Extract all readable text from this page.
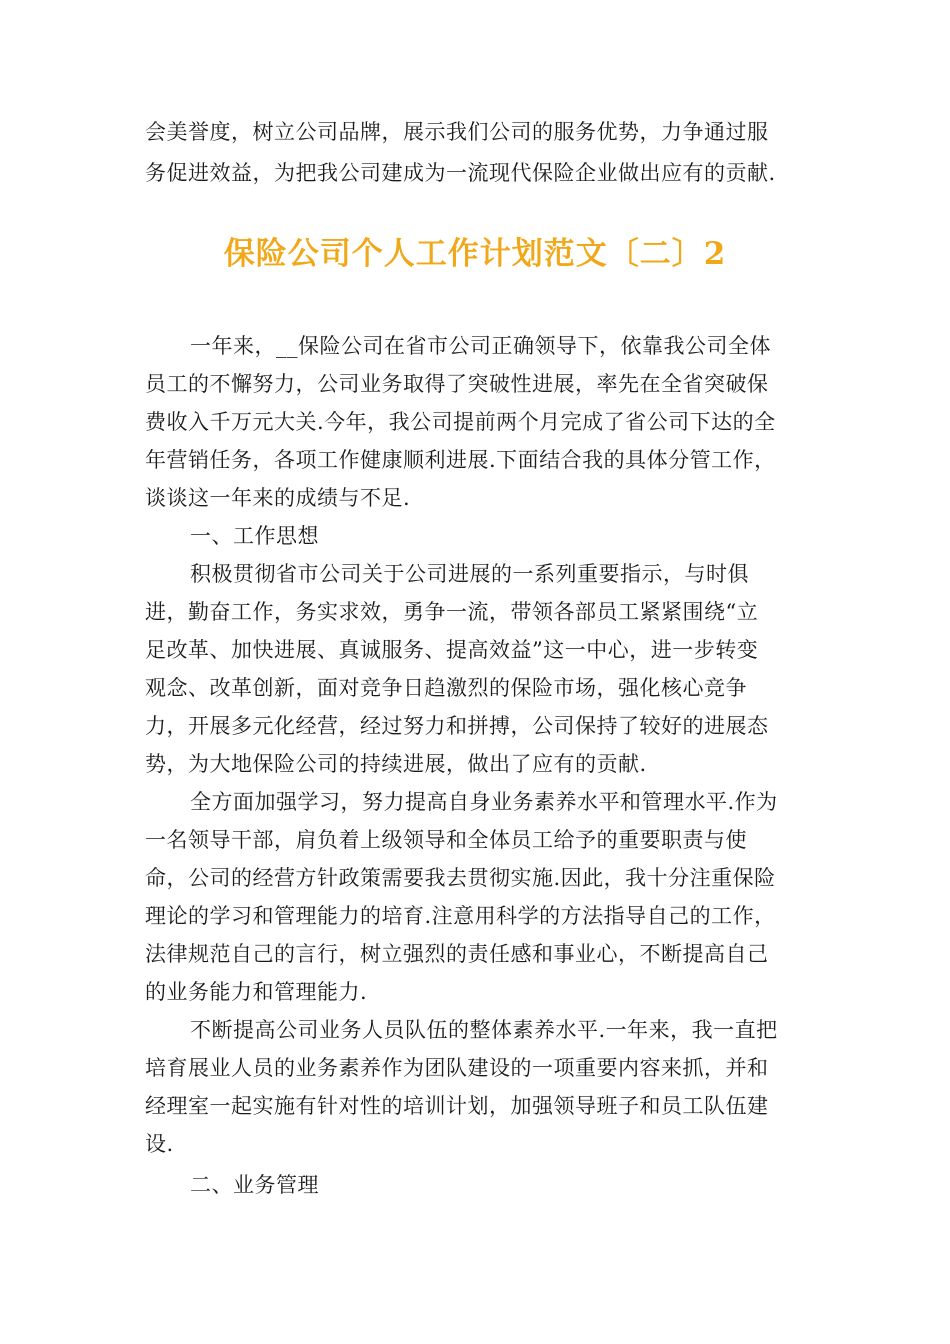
会美誉度，树立公司品牌，展示我们公司的服务优势，力争通过服
务促进效益，为把我公司建成为一流现代保险企业做出应有的贡献.
保险公司个人工作计划范文〔二〕2
一年来，__保险公司在省市公司正确领导下，依靠我公司全体
员工的不懈努力，公司业务取得了突破性进展，率先在全省突破保
费收入千万元大关.今年，我公司提前两个月完成了省公司下达的全
年营销任务，各项工作健康顺利进展.下面结合我的具体分管工作，
谈谈这一年来的成绩与不足.
一、工作思想
积极贯彻省市公司关于公司进展的一系列重要指示，与时俱
进，勤奋工作，务实求效，勇争一流，带领各部员工紧紧围绕“立
足改革、加快进展、真诚服务、提高效益”这一中心，进一步转变
观念、改革创新，面对竞争日趋激烈的保险市场，强化核心竞争
力，开展多元化经营，经过努力和拼搏，公司保持了较好的进展态
势，为大地保险公司的持续进展，做出了应有的贡献.
全方面加强学习，努力提高自身业务素养水平和管理水平.作为
一名领导干部，肩负着上级领导和全体员工给予的重要职责与使
命，公司的经营方针政策需要我去贯彻实施.因此，我十分注重保险
理论的学习和管理能力的培育.注意用科学的方法指导自己的工作，
法律规范自己的言行，树立强烈的责任感和事业心，不断提高自己
的业务能力和管理能力.
不断提高公司业务人员队伍的整体素养水平.一年来，我一直把
培育展业人员的业务素养作为团队建设的一项重要内容来抓，并和
经理室一起实施有针对性的培训计划，加强领导班子和员工队伍建
设.
二、业务管理
